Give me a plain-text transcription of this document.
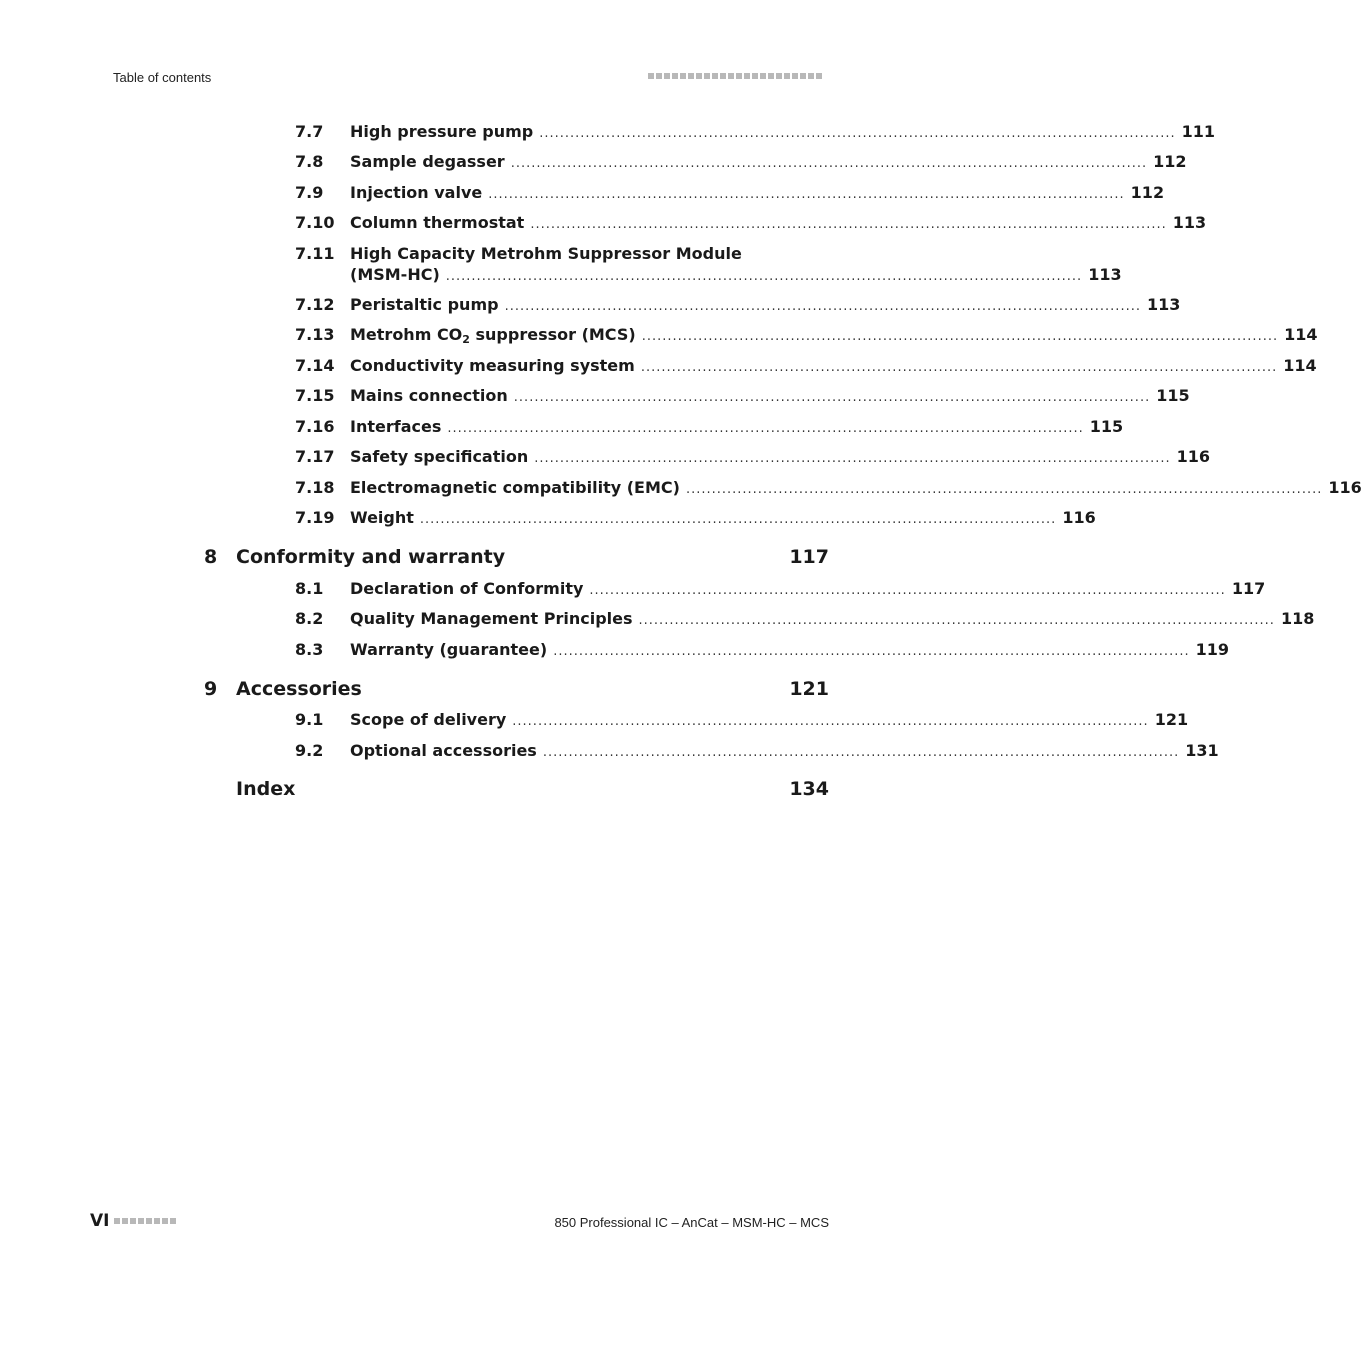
Table of contents
7.7 High pressure pump ............................................................................................................................ 111
7.8 Sample degasser ............................................................................................................................ 112
7.9 Injection valve ............................................................................................................................ 112
7.10 Column thermostat ............................................................................................................................ 113
7.11 High Capacity Metrohm Suppressor Module
(MSM-HC) ............................................................................................................................ 113
7.12 Peristaltic pump ............................................................................................................................ 113
7.13 Metrohm $CO_2$ suppressor (MCS) ............................................................................................................................ 114
7.14 Conductivity measuring system ............................................................................................................................ 114
7.15 Mains connection ............................................................................................................................ 115
7.16 Interfaces ............................................................................................................................ 115
7.17 Safety specification ............................................................................................................................ 116
7.18 Electromagnetic compatibility (EMC) ............................................................................................................................ 116
7.19 Weight ............................................................................................................................ 116
8 Conformity and warranty	117
8.1 Declaration of Conformity ............................................................................................................................ 117
8.2 Quality Management Principles ............................................................................................................................ 118
8.3 Warranty (guarantee) ............................................................................................................................ 119
9 Accessories	121
9.1 Scope of delivery ............................................................................................................................ 121
9.2 Optional accessories ............................................................................................................................ 131
Index	134
VI	850 Professional IC – AnCat – MSM-HC – MCS
